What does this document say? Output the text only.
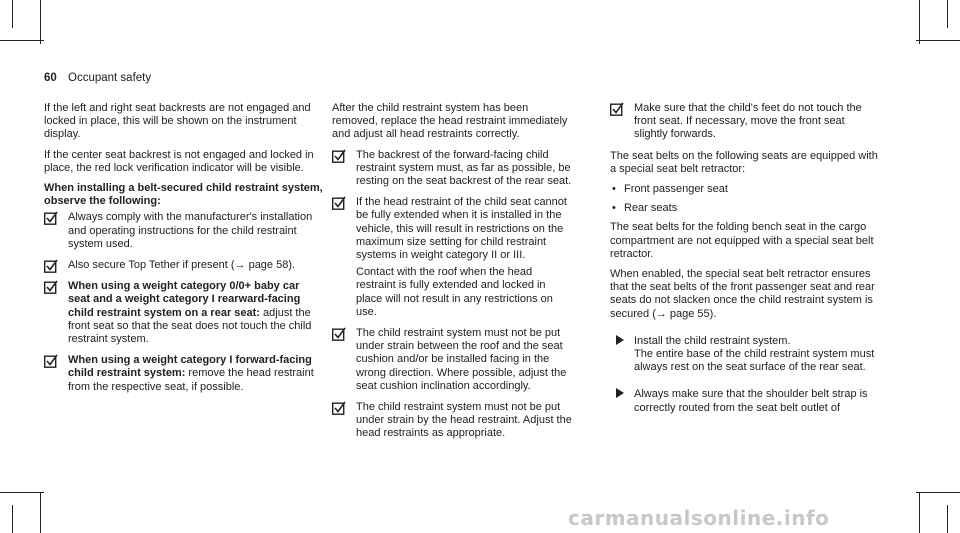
60 Occupant safety

If the left and right seat backrests are not engaged and locked in place, this will be shown on the instrument display.

If the center seat backrest is not engaged and locked in place, the red lock verification indicator will be visible.

When installing a belt-secured child restraint system, observe the following:

Always comply with the manufacturer's installation and operating instructions for the child restraint system used.
Also secure Top Tether if present (→ page 58).
When using a weight category 0/0+ baby car seat and a weight category I rearward-facing child restraint system on a rear seat: adjust the front seat so that the seat does not touch the child restraint system.
When using a weight category I forward-facing child restraint system: remove the head restraint from the respective seat, if possible.

After the child restraint system has been removed, replace the head restraint immediately and adjust all head restraints correctly.

The backrest of the forward-facing child restraint system must, as far as possible, be resting on the seat backrest of the rear seat.
If the head restraint of the child seat cannot be fully extended when it is installed in the vehicle, this will result in restrictions on the maximum size setting for child restraint systems in weight category II or III.
Contact with the roof when the head restraint is fully extended and locked in place will not result in any restrictions on use.
The child restraint system must not be put under strain between the roof and the seat cushion and/or be installed facing in the wrong direction. Where possible, adjust the seat cushion inclination accordingly.
The child restraint system must not be put under strain by the head restraint. Adjust the head restraints as appropriate.
Make sure that the child's feet do not touch the front seat. If necessary, move the front seat slightly forwards.

The seat belts on the following seats are equipped with a special seat belt retractor:

• Front passenger seat
• Rear seats

The seat belts for the folding bench seat in the cargo compartment are not equipped with a special seat belt retractor.

When enabled, the special seat belt retractor ensures that the seat belts of the front passenger seat and rear seats do not slacken once the child restraint system is secured (→ page 55).

Install the child restraint system.
The entire base of the child restraint system must always rest on the seat surface of the rear seat.
Always make sure that the shoulder belt strap is correctly routed from the seat belt outlet of
carmanualsonline.info
